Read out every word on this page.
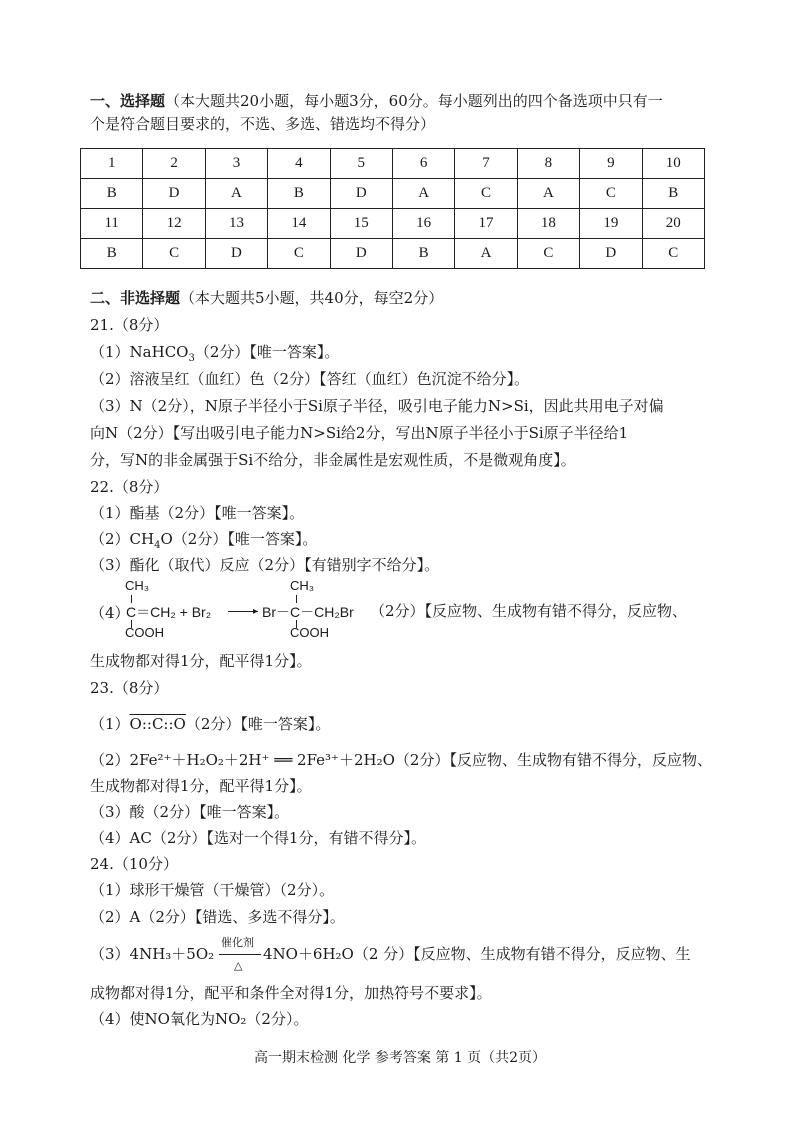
一、选择题（本大题共20小题，每小题3分，60分。每小题列出的四个备选项中只有一
个是符合题目要求的，不选、多选、错选均不得分）
1	2	3	4	5	6	7	8	9	10
B	D	A	B	D	A	C	A	C	B
11	12	13	14	15	16	17	18	19	20
B	C	D	C	D	B	A	C	D	C
二、非选择题（本大题共5小题，共40分，每空2分）
21.（8分）
（1）NaHCO$_3$（2分）【唯一答案】。
（2）溶液呈红（血红）色（2分）【答红（血红）色沉淀不给分】。
（3）N（2分），N原子半径小于Si原子半径，吸引电子能力N>Si，因此共用电子对偏
向N（2分）【写出吸引电子能力N>Si给2分，写出N原子半径小于Si原子半径给1
分，写N的非金属强于Si不给分，非金属性是宏观性质，不是微观角度】。
22.（8分）
（1）酯基（2分）【唯一答案】。
$(2)CH_4O(2$分）【唯一答案】。
（3）酯化（取代）反应（2分）【有错别字不给分】。
（4）
CH₃
C＝CH₂ + Br₂
COOH
▸
CH₃
Br－C－CH₂Br
COOH
（2分）【反应物、生成物有错不得分，反应物、
生成物都对得1分，配平得1分】。
23.（8分）
（1）O::C::O（2分）【唯一答案】。
（2）2Fe²⁺＋H₂O₂＋2H⁺ ══ 2Fe³⁺＋2H₂O（2分）【反应物、生成物有错不得分，反应物、
生成物都对得1分，配平得1分】。
（3）酸（2分）【唯一答案】。
（4）AC（2分）【选对一个得1分，有错不得分】。
24.（10分）
（1）球形干燥管（干燥管）（2分）。
（2）A（2分）【错选、多选不得分】。
（3）4NH₃＋5O₂
催化剂
△
4NO＋6H₂O（2 分）【反应物、生成物有错不得分，反应物、生
成物都对得1分，配平和条件全对得1分，加热符号不要求】。
（4）使NO氧化为NO₂（2分）。
高一期末检测 化学 参考答案 第 1 页（共2页）
